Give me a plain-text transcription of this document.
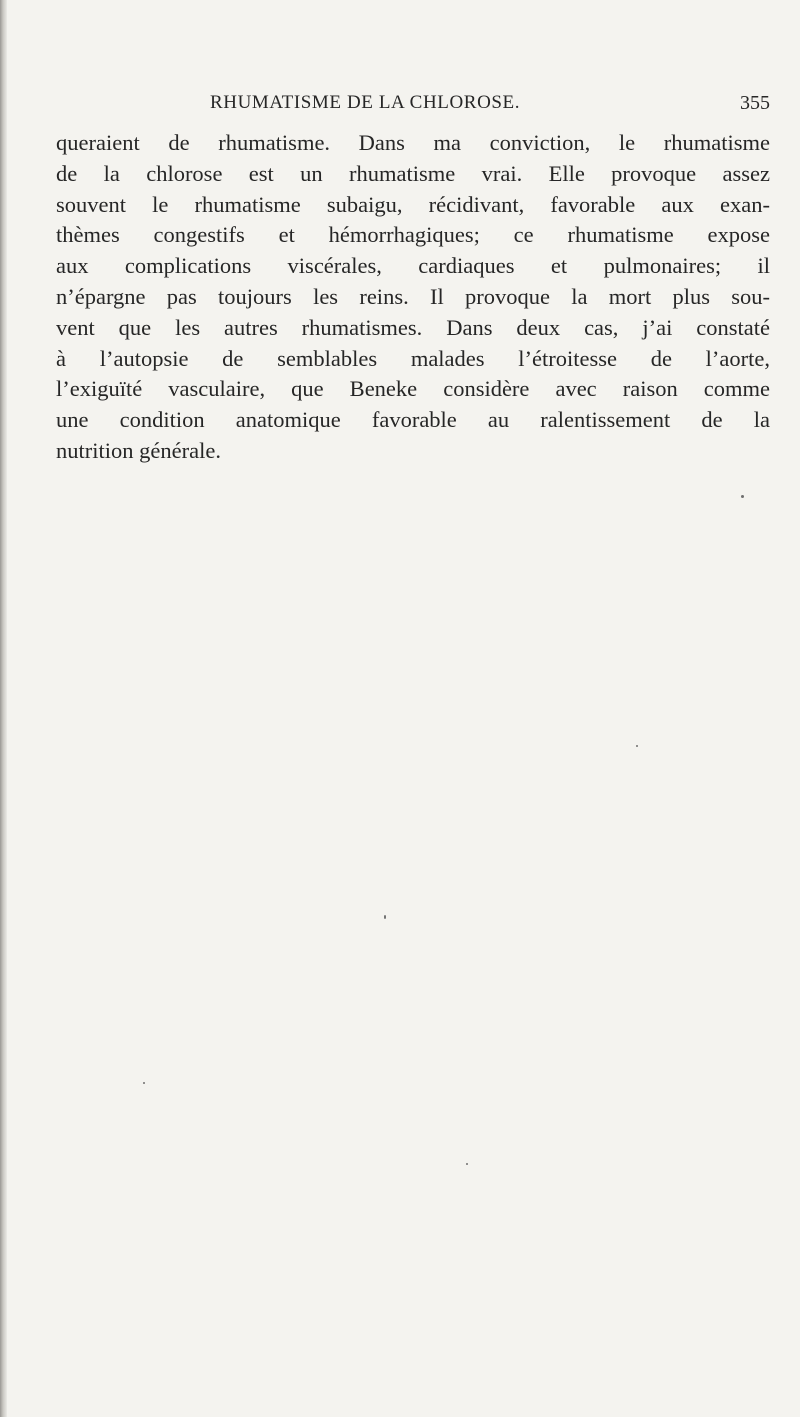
RHUMATISME DE LA CHLOROSE.	355
queraient de rhumatisme. Dans ma conviction, le rhumatisme
de la chlorose est un rhumatisme vrai. Elle provoque assez
souvent le rhumatisme subaigu, récidivant, favorable aux exan-
thèmes congestifs et hémorrhagiques; ce rhumatisme expose
aux complications viscérales, cardiaques et pulmonaires; il
n’épargne pas toujours les reins. Il provoque la mort plus sou-
vent que les autres rhumatismes. Dans deux cas, j’ai constaté
à l’autopsie de semblables malades l’étroitesse de l’aorte,
l’exiguïté vasculaire, que Beneke considère avec raison comme
une condition anatomique favorable au ralentissement de la
nutrition générale.
